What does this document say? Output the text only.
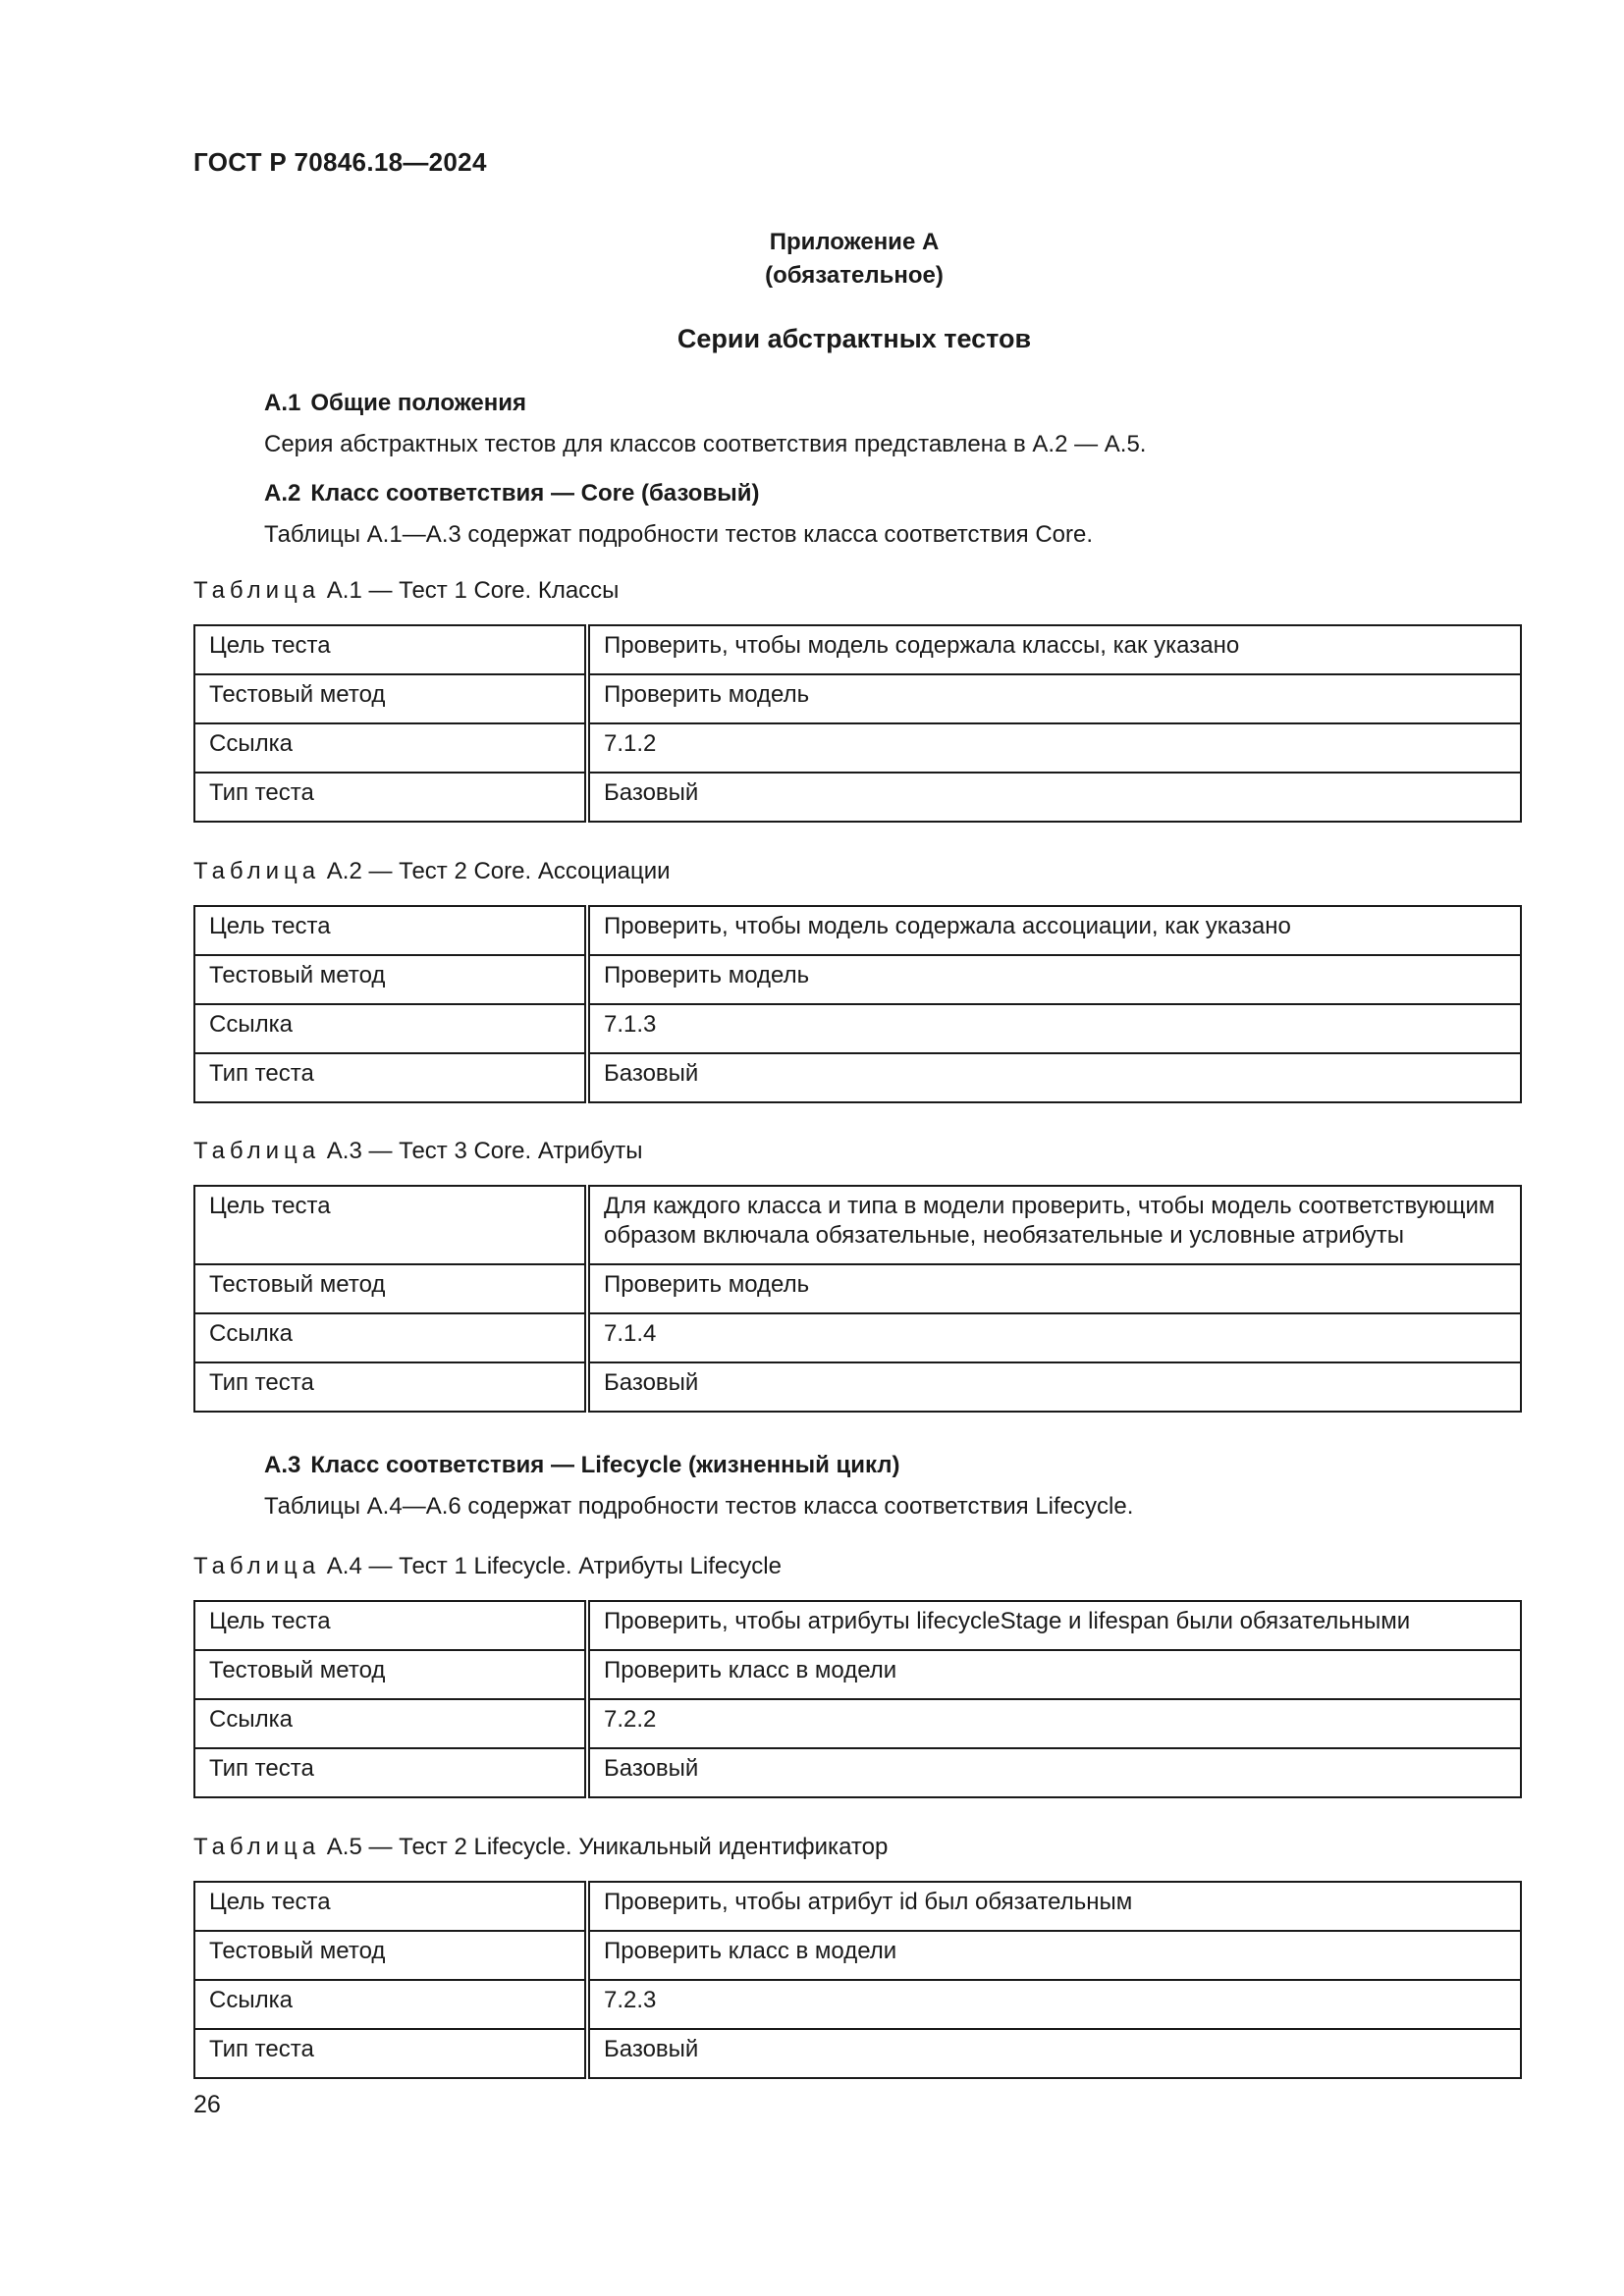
ГОСТ Р 70846.18—2024
Приложение А
(обязательное)
Серии абстрактных тестов
А.1 Общие положения
Серия абстрактных тестов для классов соответствия представлена в А.2 — А.5.
А.2 Класс соответствия — Core (базовый)
Таблицы А.1—А.3 содержат подробности тестов класса соответствия Core.
Таблица А.1 — Тест 1 Core. Классы
Цель теста	Проверить, чтобы модель содержала классы, как указано
Тестовый метод	Проверить модель
Ссылка	7.1.2
Тип теста	Базовый
Таблица А.2 — Тест 2 Core. Ассоциации
Цель теста	Проверить, чтобы модель содержала ассоциации, как указано
Тестовый метод	Проверить модель
Ссылка	7.1.3
Тип теста	Базовый
Таблица А.3 — Тест 3 Core. Атрибуты
Цель теста	Для каждого класса и типа в модели проверить, чтобы модель соответствующим образом включала обязательные, необязательные и условные атрибуты
Тестовый метод	Проверить модель
Ссылка	7.1.4
Тип теста	Базовый
А.3 Класс соответствия — Lifecycle (жизненный цикл)
Таблицы А.4—А.6 содержат подробности тестов класса соответствия Lifecycle.
Таблица А.4 — Тест 1 Lifecycle. Атрибуты Lifecycle
Цель теста	Проверить, чтобы атрибуты lifecycleStage и lifespan были обязательными
Тестовый метод	Проверить класс в модели
Ссылка	7.2.2
Тип теста	Базовый
Таблица А.5 — Тест 2 Lifecycle. Уникальный идентификатор
Цель теста	Проверить, чтобы атрибут id был обязательным
Тестовый метод	Проверить класс в модели
Ссылка	7.2.3
Тип теста	Базовый
26
